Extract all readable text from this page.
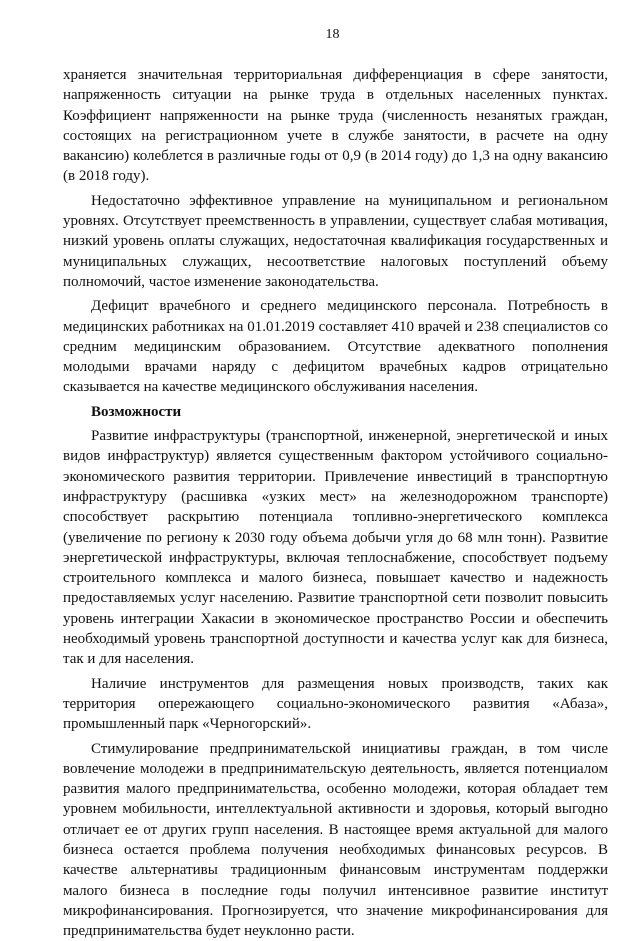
18

храняется значительная территориальная дифференциация в сфере занятости, напряженность ситуации на рынке труда в отдельных населенных пунктах. Коэффициент напряженности на рынке труда (численность незанятых граждан, состоящих на регистрационном учете в службе занятости, в расчете на одну вакансию) колеблется в различные годы от 0,9 (в 2014 году) до 1,3 на одну вакансию (в 2018 году).

Недостаточно эффективное управление на муниципальном и региональном уровнях. Отсутствует преемственность в управлении, существует слабая мотивация, низкий уровень оплаты служащих, недостаточная квалификация государственных и муниципальных служащих, несоответствие налоговых поступлений объему полномочий, частое изменение законодательства.

Дефицит врачебного и среднего медицинского персонала. Потребность в медицинских работниках на 01.01.2019 составляет 410 врачей и 238 специалистов со средним медицинским образованием. Отсутствие адекватного пополнения молодыми врачами наряду с дефицитом врачебных кадров отрицательно сказывается на качестве медицинского обслуживания населения.

Возможности

Развитие инфраструктуры (транспортной, инженерной, энергетической и иных видов инфраструктур) является существенным фактором устойчивого социально-экономического развития территории. Привлечение инвестиций в транспортную инфраструктуру (расшивка «узких мест» на железнодорожном транспорте) способствует раскрытию потенциала топливно-энергетического комплекса (увеличение по региону к 2030 году объема добычи угля до 68 млн тонн). Развитие энергетической инфраструктуры, включая теплоснабжение, способствует подъему строительного комплекса и малого бизнеса, повышает качество и надежность предоставляемых услуг населению. Развитие транспортной сети позволит повысить уровень интеграции Хакасии в экономическое пространство России и обеспечить необходимый уровень транспортной доступности и качества услуг как для бизнеса, так и для населения.

Наличие инструментов для размещения новых производств, таких как территория опережающего социально-экономического развития «Абаза», промышленный парк «Черногорский».

Стимулирование предпринимательской инициативы граждан, в том числе вовлечение молодежи в предпринимательскую деятельность, является потенциалом развития малого предпринимательства, особенно молодежи, которая обладает тем уровнем мобильности, интеллектуальной активности и здоровья, который выгодно отличает ее от других групп населения. В настоящее время актуальной для малого бизнеса остается проблема получения необходимых финансовых ресурсов. В качестве альтернативы традиционным финансовым инструментам поддержки малого бизнеса в последние годы получил интенсивное развитие институт микрофинансирования. Прогнозируется, что значение микрофинансирования для предпринимательства будет неуклонно расти.
